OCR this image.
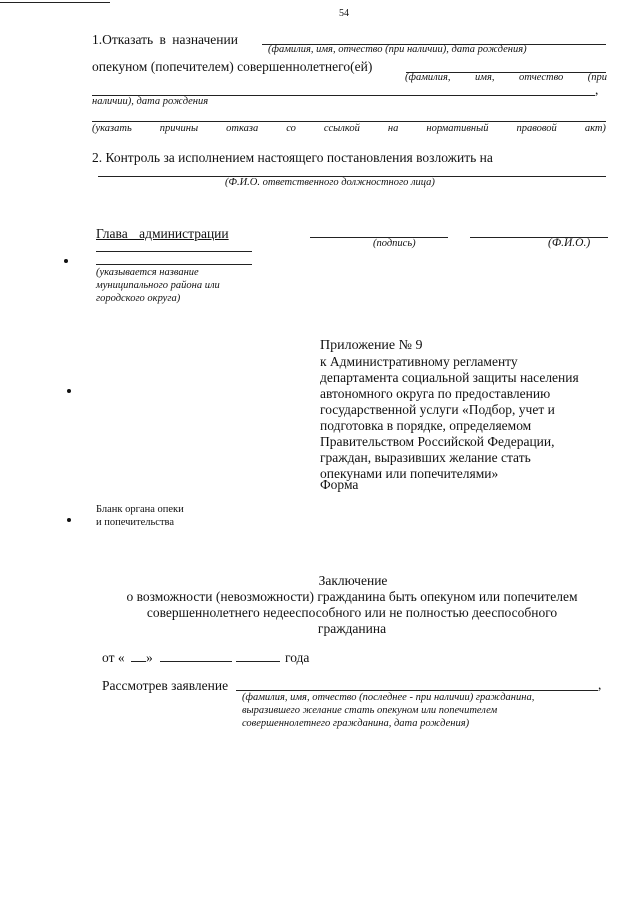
54
1.Отказать в назначении
(фамилия, имя, отчество (при наличии), дата рождения)
опекуном (попечителем) совершеннолетнего(ей)
(фамилия, имя, отчество (при
,
наличии), дата рождения
(указать	причины	отказа	со	ссылкой	на	нормативный	правовой	акт)
2. Контроль за исполнением настоящего постановления возложить на
(Ф.И.О. ответственного должностного лица)
Глава администрации
(подпись)	(Ф.И.О.)
(указывается название
муниципального района или
городского округа)
Приложение № 9
к Административному регламенту
департамента социальной защиты населения
автономного округа по предоставлению
государственной услуги «Подбор, учет и
подготовка в порядке, определяемом
Правительством Российской Федерации,
граждан, выразивших желание стать
опекунами или попечителями»
Форма
Бланк органа опеки
и попечительства
Заключение
о возможности (невозможности) гражданина быть опекуном или попечителем
совершеннолетнего недееспособного или не полностью дееспособного
гражданина
от « »	года
Рассмотрев заявление	,
(фамилия, имя, отчество (последнее - при наличии) гражданина,
выразившего желание стать опекуном или попечителем
совершеннолетнего гражданина, дата рождения)
